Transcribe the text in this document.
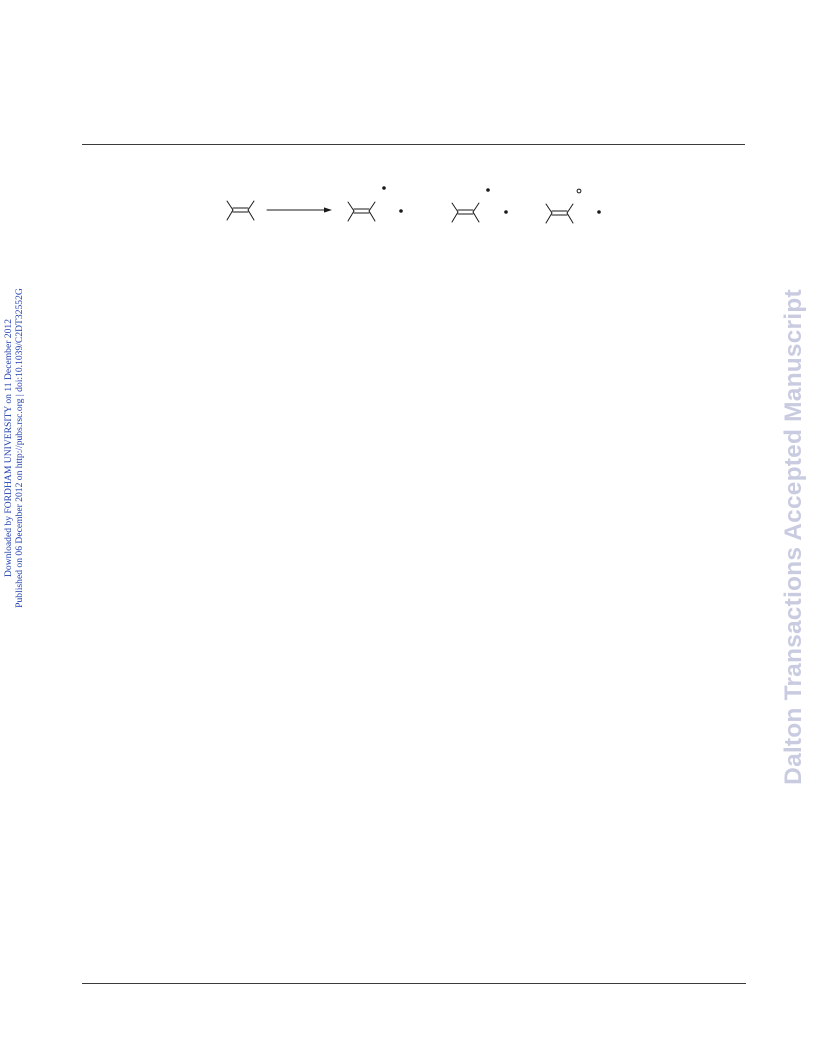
Downloaded by FORDHAM UNIVERSITY on 11 December 2012 Published on 06 December 2012 on http://pubs.rsc.org | doi:10.1039/C2DT32552G	Dalton Transactions Accepted Manuscript
